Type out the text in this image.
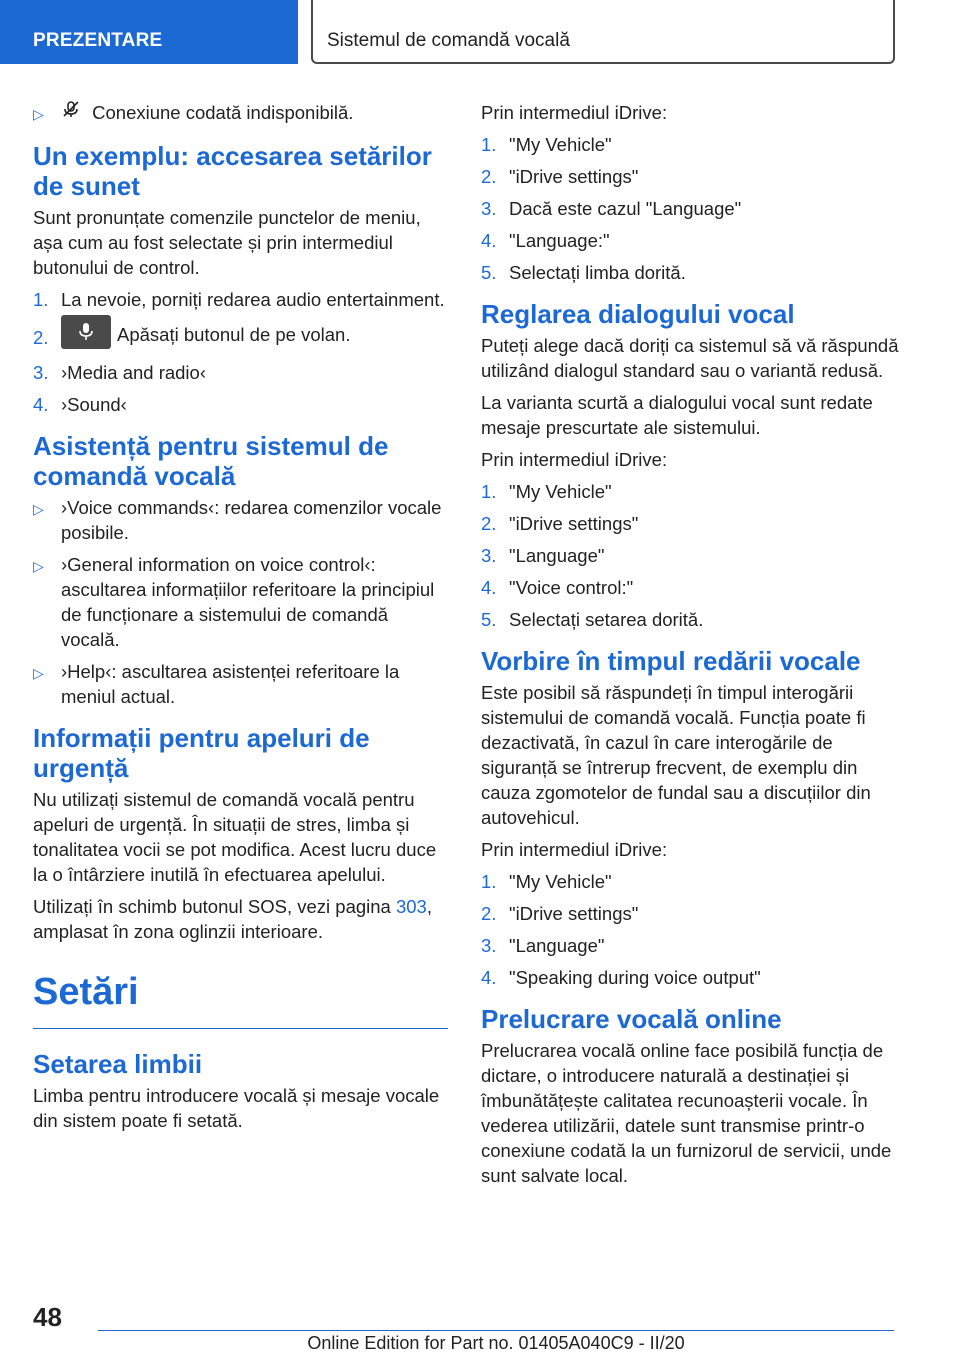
PREZENTARE	Sistemul de comandă vocală
▷	Conexiune codată indisponibilă.
Un exemplu: accesarea setărilor de sunet

Sunt pronunțate comenzile punctelor de meniu, așa cum au fost selectate și prin intermediul butonului de control.

1. La nevoie, porniți redarea audio entertainment.
2.	Apăsați butonul de pe volan.
3. ›Media and radio‹
4. ›Sound‹
Asistență pentru sistemul de comandă vocală
▷ ›Voice commands‹: redarea comenzilor vocale posibile.
▷ ›General information on voice control‹: ascultarea informațiilor referitoare la principiul de funcționare a sistemului de comandă vocală.
▷ ›Help‹: ascultarea asistenței referitoare la meniul actual.
Informații pentru apeluri de urgență

Nu utilizați sistemul de comandă vocală pentru apeluri de urgență. În situații de stres, limba și tonalitatea vocii se pot modifica. Acest lucru duce la o întârziere inutilă în efectuarea apelului.

Utilizați în schimb butonul SOS, vezi pagina 303, amplasat în zona oglinzii interioare.

Setări
Setarea limbii

Limba pentru introducere vocală și mesaje vocale din sistem poate fi setată.

Prin intermediul iDrive:

1. "My Vehicle"
2. "iDrive settings"
3. Dacă este cazul "Language"
4. "Language:"
5. Selectați limba dorită.
Reglarea dialogului vocal

Puteți alege dacă doriți ca sistemul să vă răspundă utilizând dialogul standard sau o variantă redusă.

La varianta scurtă a dialogului vocal sunt redate mesaje prescurtate ale sistemului.

Prin intermediul iDrive:

1. "My Vehicle"
2. "iDrive settings"
3. "Language"
4. "Voice control:"
5. Selectați setarea dorită.
Vorbire în timpul redării vocale

Este posibil să răspundeți în timpul interogării sistemului de comandă vocală. Funcția poate fi dezactivată, în cazul în care interogările de siguranță se întrerup frecvent, de exemplu din cauza zgomotelor de fundal sau a discuțiilor din autovehicul.

Prin intermediul iDrive:

1. "My Vehicle"
2. "iDrive settings"
3. "Language"
4. "Speaking during voice output"
Prelucrare vocală online

Prelucrarea vocală online face posibilă funcția de dictare, o introducere naturală a destinației și îmbunătățește calitatea recunoașterii vocale. În vederea utilizării, datele sunt transmise printr-o conexiune codată la un furnizorul de servicii, unde sunt salvate local.

48
Online Edition for Part no. 01405A040C9 - II/20
